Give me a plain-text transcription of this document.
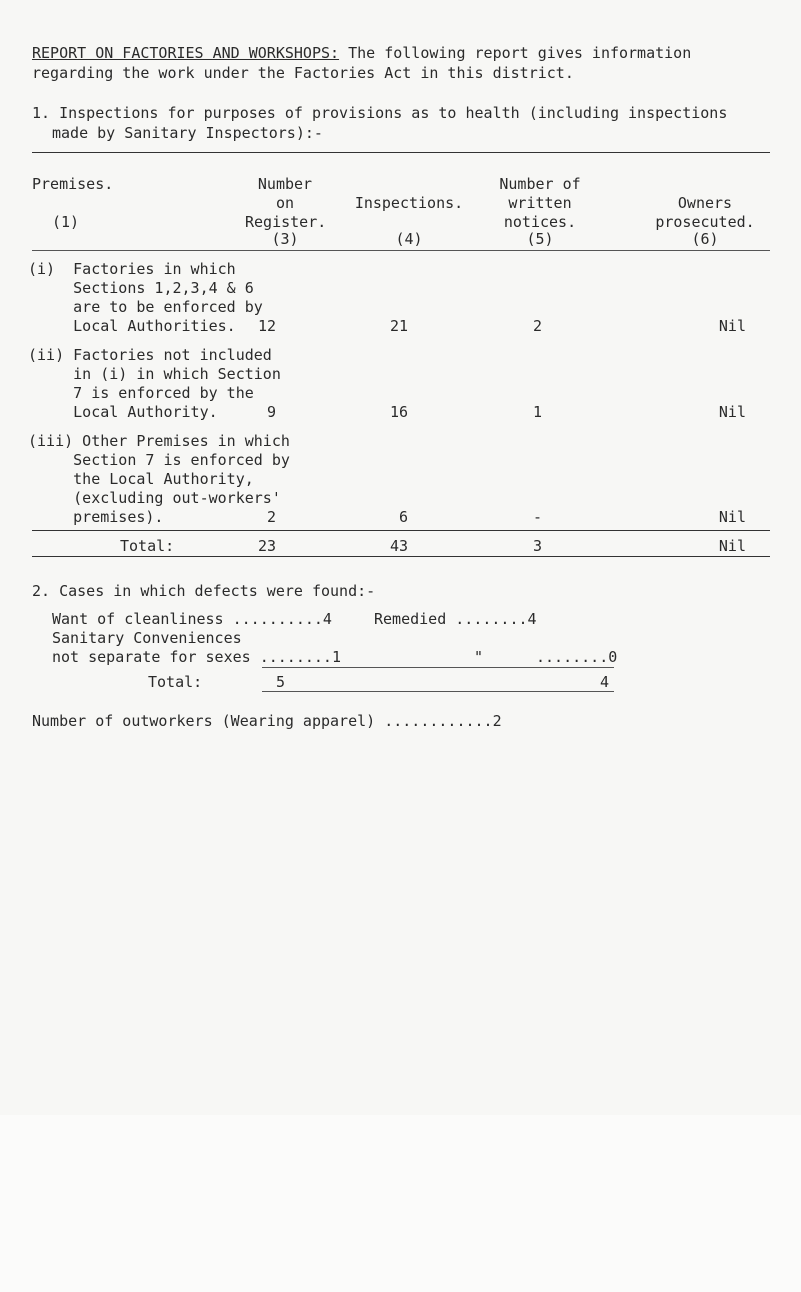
REPORT ON FACTORIES AND WORKSHOPS: The following report gives information
regarding the work under the Factories Act in this district.
1. Inspections for purposes of provisions as to health (including inspections
made by Sanitary Inspectors):-
Premises.
(1)
Number
on
Register.
(3)
Inspections.
(4)
Number of
written
notices.
(5)
Owners
prosecuted.
(6)
(i)  Factories in which
Sections 1,2,3,4 & 6
are to be enforced by
Local Authorities.	12	21	2	Nil
(ii) Factories not included
in (i) in which Section
7 is enforced by the
Local Authority.	9	16	1	Nil
(iii) Other Premises in which
Section 7 is enforced by
the Local Authority,
(excluding out-workers'
premises).	2	6	-	Nil
Total:	23	43	3	Nil
2. Cases in which defects were found:-
Want of cleanliness ..........4	Remedied ........4
Sanitary Conveniences
not separate for sexes ........1	"	........0
Total:	5	4
Number of outworkers (Wearing apparel) ............2
